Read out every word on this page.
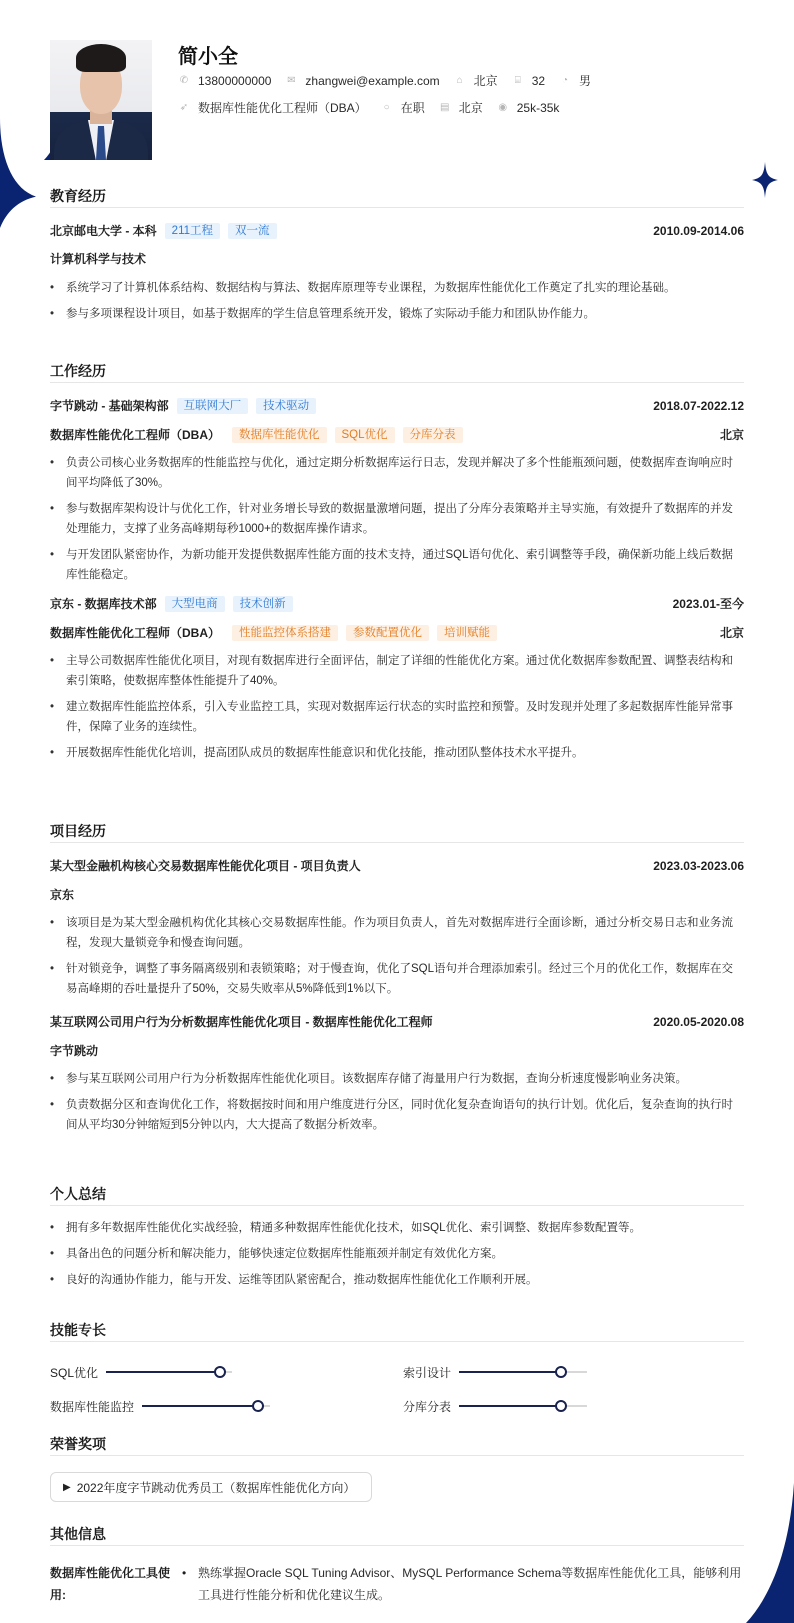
简小全
✆ 13800000000 ✉ zhangwei@example.com ⌂ 北京	⌸ 32 ◔ 男
➶ 数据库性能优化工程师（DBA） ○ 在职 ▤ 北京 ◉ 25k-35k
教育经历
北京邮电大学 - 本科	211工程	双一流	2010.09-2014.06
计算机科学与技术
• 系统学习了计算机体系结构、数据结构与算法、数据库原理等专业课程，为数据库性能优化工作奠定了扎实的理论基础。
• 参与多项课程设计项目，如基于数据库的学生信息管理系统开发，锻炼了实际动手能力和团队协作能力。
工作经历
字节跳动 - 基础架构部	互联网大厂	技术驱动	2018.07-2022.12
数据库性能优化工程师（DBA）	数据库性能优化	SQL优化	分库分表	北京
• 负责公司核心业务数据库的性能监控与优化，通过定期分析数据库运行日志，发现并解决了多个性能瓶颈问题，使数据库查询响应时间平均降低了30%。
• 参与数据库架构设计与优化工作，针对业务增长导致的数据量激增问题，提出了分库分表策略并主导实施，有效提升了数据库的并发处理能力，支撑了业务高峰期每秒1000+的数据库操作请求。
• 与开发团队紧密协作，为新功能开发提供数据库性能方面的技术支持，通过SQL语句优化、索引调整等手段，确保新功能上线后数据库性能稳定。
京东 - 数据库技术部	大型电商	技术创新	2023.01-至今
数据库性能优化工程师（DBA）	性能监控体系搭建	参数配置优化	培训赋能	北京
• 主导公司数据库性能优化项目，对现有数据库进行全面评估，制定了详细的性能优化方案。通过优化数据库参数配置、调整表结构和索引策略，使数据库整体性能提升了40%。
• 建立数据库性能监控体系，引入专业监控工具，实现对数据库运行状态的实时监控和预警。及时发现并处理了多起数据库性能异常事件，保障了业务的连续性。
• 开展数据库性能优化培训，提高团队成员的数据库性能意识和优化技能，推动团队整体技术水平提升。
项目经历
某大型金融机构核心交易数据库性能优化项目 - 项目负责人	2023.03-2023.06
京东
• 该项目是为某大型金融机构优化其核心交易数据库性能。作为项目负责人，首先对数据库进行全面诊断，通过分析交易日志和业务流程，发现大量锁竞争和慢查询问题。
• 针对锁竞争，调整了事务隔离级别和表锁策略；对于慢查询，优化了SQL语句并合理添加索引。经过三个月的优化工作，数据库在交易高峰期的吞吐量提升了50%，交易失败率从5%降低到1%以下。
某互联网公司用户行为分析数据库性能优化项目 - 数据库性能优化工程师	2020.05-2020.08
字节跳动
• 参与某互联网公司用户行为分析数据库性能优化项目。该数据库存储了海量用户行为数据，查询分析速度慢影响业务决策。
• 负责数据分区和查询优化工作，将数据按时间和用户维度进行分区，同时优化复杂查询语句的执行计划。优化后，复杂查询的执行时间从平均30分钟缩短到5分钟以内，大大提高了数据分析效率。
个人总结
• 拥有多年数据库性能优化实战经验，精通多种数据库性能优化技术，如SQL优化、索引调整、数据库参数配置等。
• 具备出色的问题分析和解决能力，能够快速定位数据库性能瓶颈并制定有效优化方案。
• 良好的沟通协作能力，能与开发、运维等团队紧密配合，推动数据库性能优化工作顺利开展。
技能专长
SQL优化	索引设计
数据库性能监控	分库分表
荣誉奖项
▶ 2022年度字节跳动优秀员工（数据库性能优化方向）
其他信息
数据库性能优化工具使用:
• 熟练掌握Oracle SQL Tuning Advisor、MySQL Performance Schema等数据库性能优化工具，能够利用工具进行性能分析和优化建议生成。
